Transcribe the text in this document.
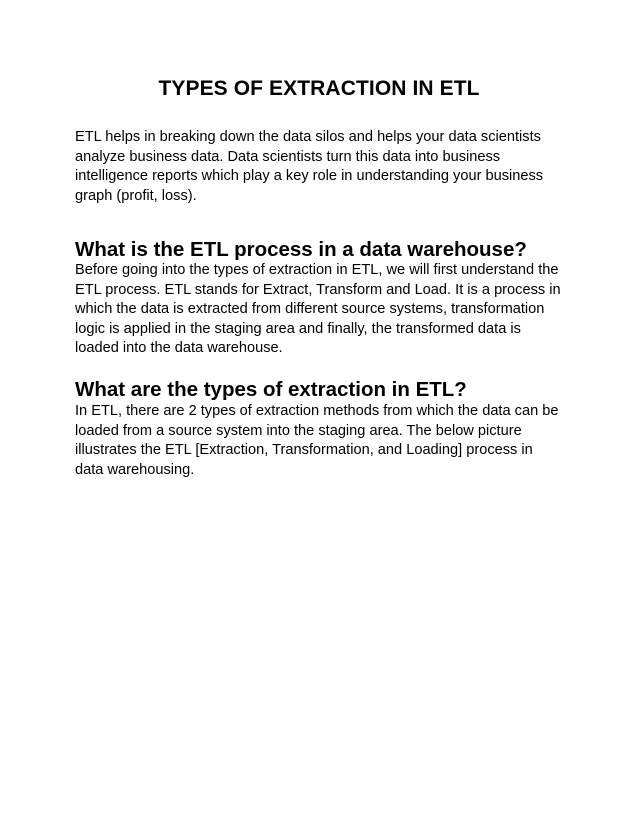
TYPES OF EXTRACTION IN ETL

ETL helps in breaking down the data silos and helps your data scientists analyze business data. Data scientists turn this data into business intelligence reports which play a key role in understanding your business graph (profit, loss).

What is the ETL process in a data warehouse?

Before going into the types of extraction in ETL, we will first understand the ETL process. ETL stands for Extract, Transform and Load. It is a process in which the data is extracted from different source systems, transformation logic is applied in the staging area and finally, the transformed data is loaded into the data warehouse.

What are the types of extraction in ETL?

In ETL, there are 2 types of extraction methods from which the data can be loaded from a source system into the staging area. The below picture illustrates the ETL [Extraction, Transformation, and Loading] process in data warehousing.
